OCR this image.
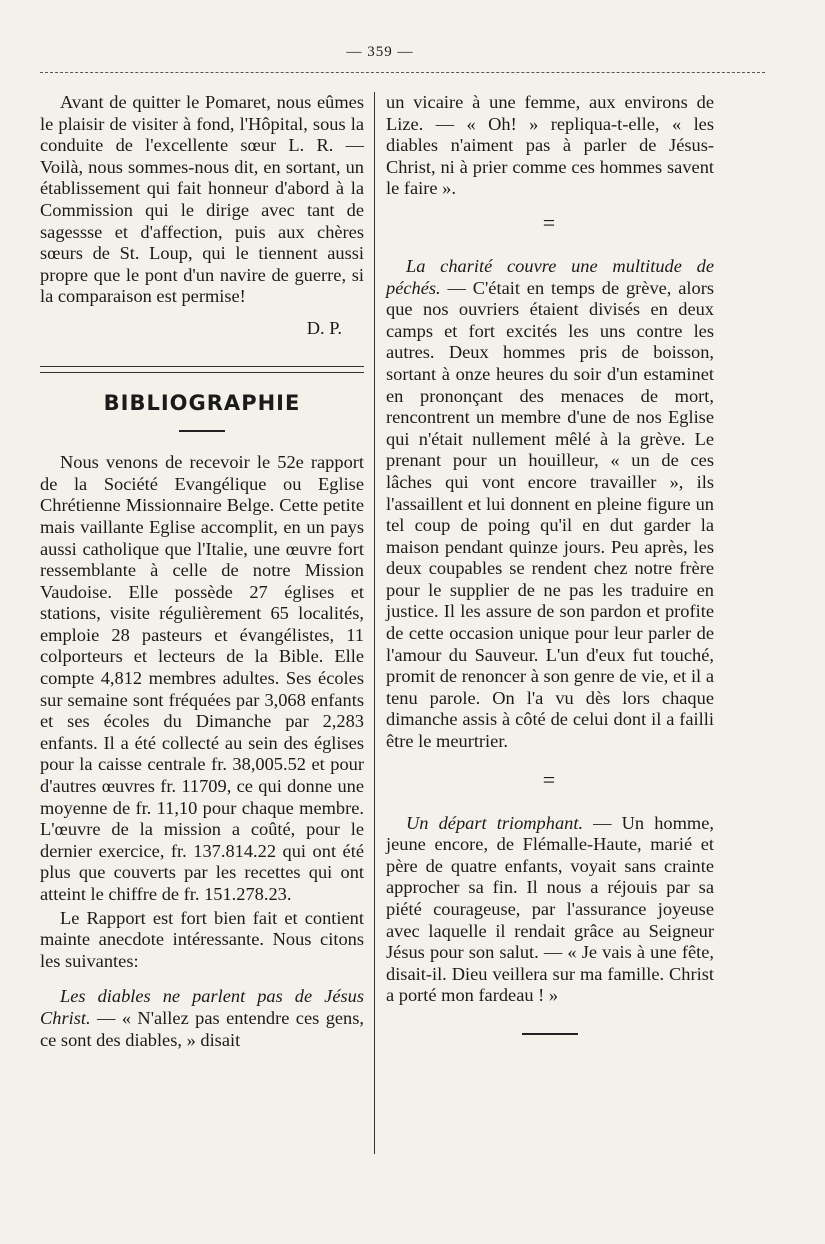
— 359 —

Avant de quitter le Pomaret, nous eûmes le plaisir de visiter à fond, l'Hôpital, sous la conduite de l'excellente sœur L. R. — Voilà, nous sommes-nous dit, en sortant, un établissement qui fait honneur d'abord à la Commission qui le dirige avec tant de sagessse et d'affection, puis aux chères sœurs de St. Loup, qui le tiennent aussi propre que le pont d'un navire de guerre, si la comparaison est permise!

D. P.

BIBLIOGRAPHIE

Nous venons de recevoir le 52e rapport de la Société Evangélique ou Eglise Chrétienne Missionnaire Belge. Cette petite mais vaillante Eglise accomplit, en un pays aussi catholique que l'Italie, une œuvre fort ressemblante à celle de notre Mission Vaudoise. Elle possède 27 églises et stations, visite régulièrement 65 localités, emploie 28 pasteurs et évangélistes, 11 colporteurs et lecteurs de la Bible. Elle compte 4,812 membres adultes. Ses écoles sur semaine sont fréquées par 3,068 enfants et ses écoles du Dimanche par 2,283 enfants. Il a été collecté au sein des églises pour la caisse centrale fr. 38,005.52 et pour d'autres œuvres fr. 11709, ce qui donne une moyenne de fr. 11,10 pour chaque membre. L'œuvre de la mission a coûté, pour le dernier exercice, fr. 137.814.22 qui ont été plus que couverts par les recettes qui ont atteint le chiffre de fr. 151.278.23.

Le Rapport est fort bien fait et contient mainte anecdote intéressante. Nous citons les suivantes:

Les diables ne parlent pas de Jésus Christ. — « N'allez pas entendre ces gens, ce sont des diables, » disait

un vicaire à une femme, aux environs de Lize. — « Oh! » repliqua-t-elle, « les diables n'aiment pas à parler de Jésus-Christ, ni à prier comme ces hommes savent le faire ».

=

La charité couvre une multitude de péchés. — C'était en temps de grève, alors que nos ouvriers étaient divisés en deux camps et fort excités les uns contre les autres. Deux hommes pris de boisson, sortant à onze heures du soir d'un estaminet en prononçant des menaces de mort, rencontrent un membre d'une de nos Eglise qui n'était nullement mêlé à la grève. Le prenant pour un houilleur, « un de ces lâches qui vont encore travailler », ils l'assaillent et lui donnent en pleine figure un tel coup de poing qu'il en dut garder la maison pendant quinze jours. Peu après, les deux coupables se rendent chez notre frère pour le supplier de ne pas les traduire en justice. Il les assure de son pardon et profite de cette occasion unique pour leur parler de l'amour du Sauveur. L'un d'eux fut touché, promit de renoncer à son genre de vie, et il a tenu parole. On l'a vu dès lors chaque dimanche assis à côté de celui dont il a failli être le meurtrier.

=

Un départ triomphant. — Un homme, jeune encore, de Flémalle-Haute, marié et père de quatre enfants, voyait sans crainte approcher sa fin. Il nous a réjouis par sa piété courageuse, par l'assurance joyeuse avec laquelle il rendait grâce au Seigneur Jésus pour son salut. — « Je vais à une fête, disait-il. Dieu veillera sur ma famille. Christ a porté mon fardeau ! »
